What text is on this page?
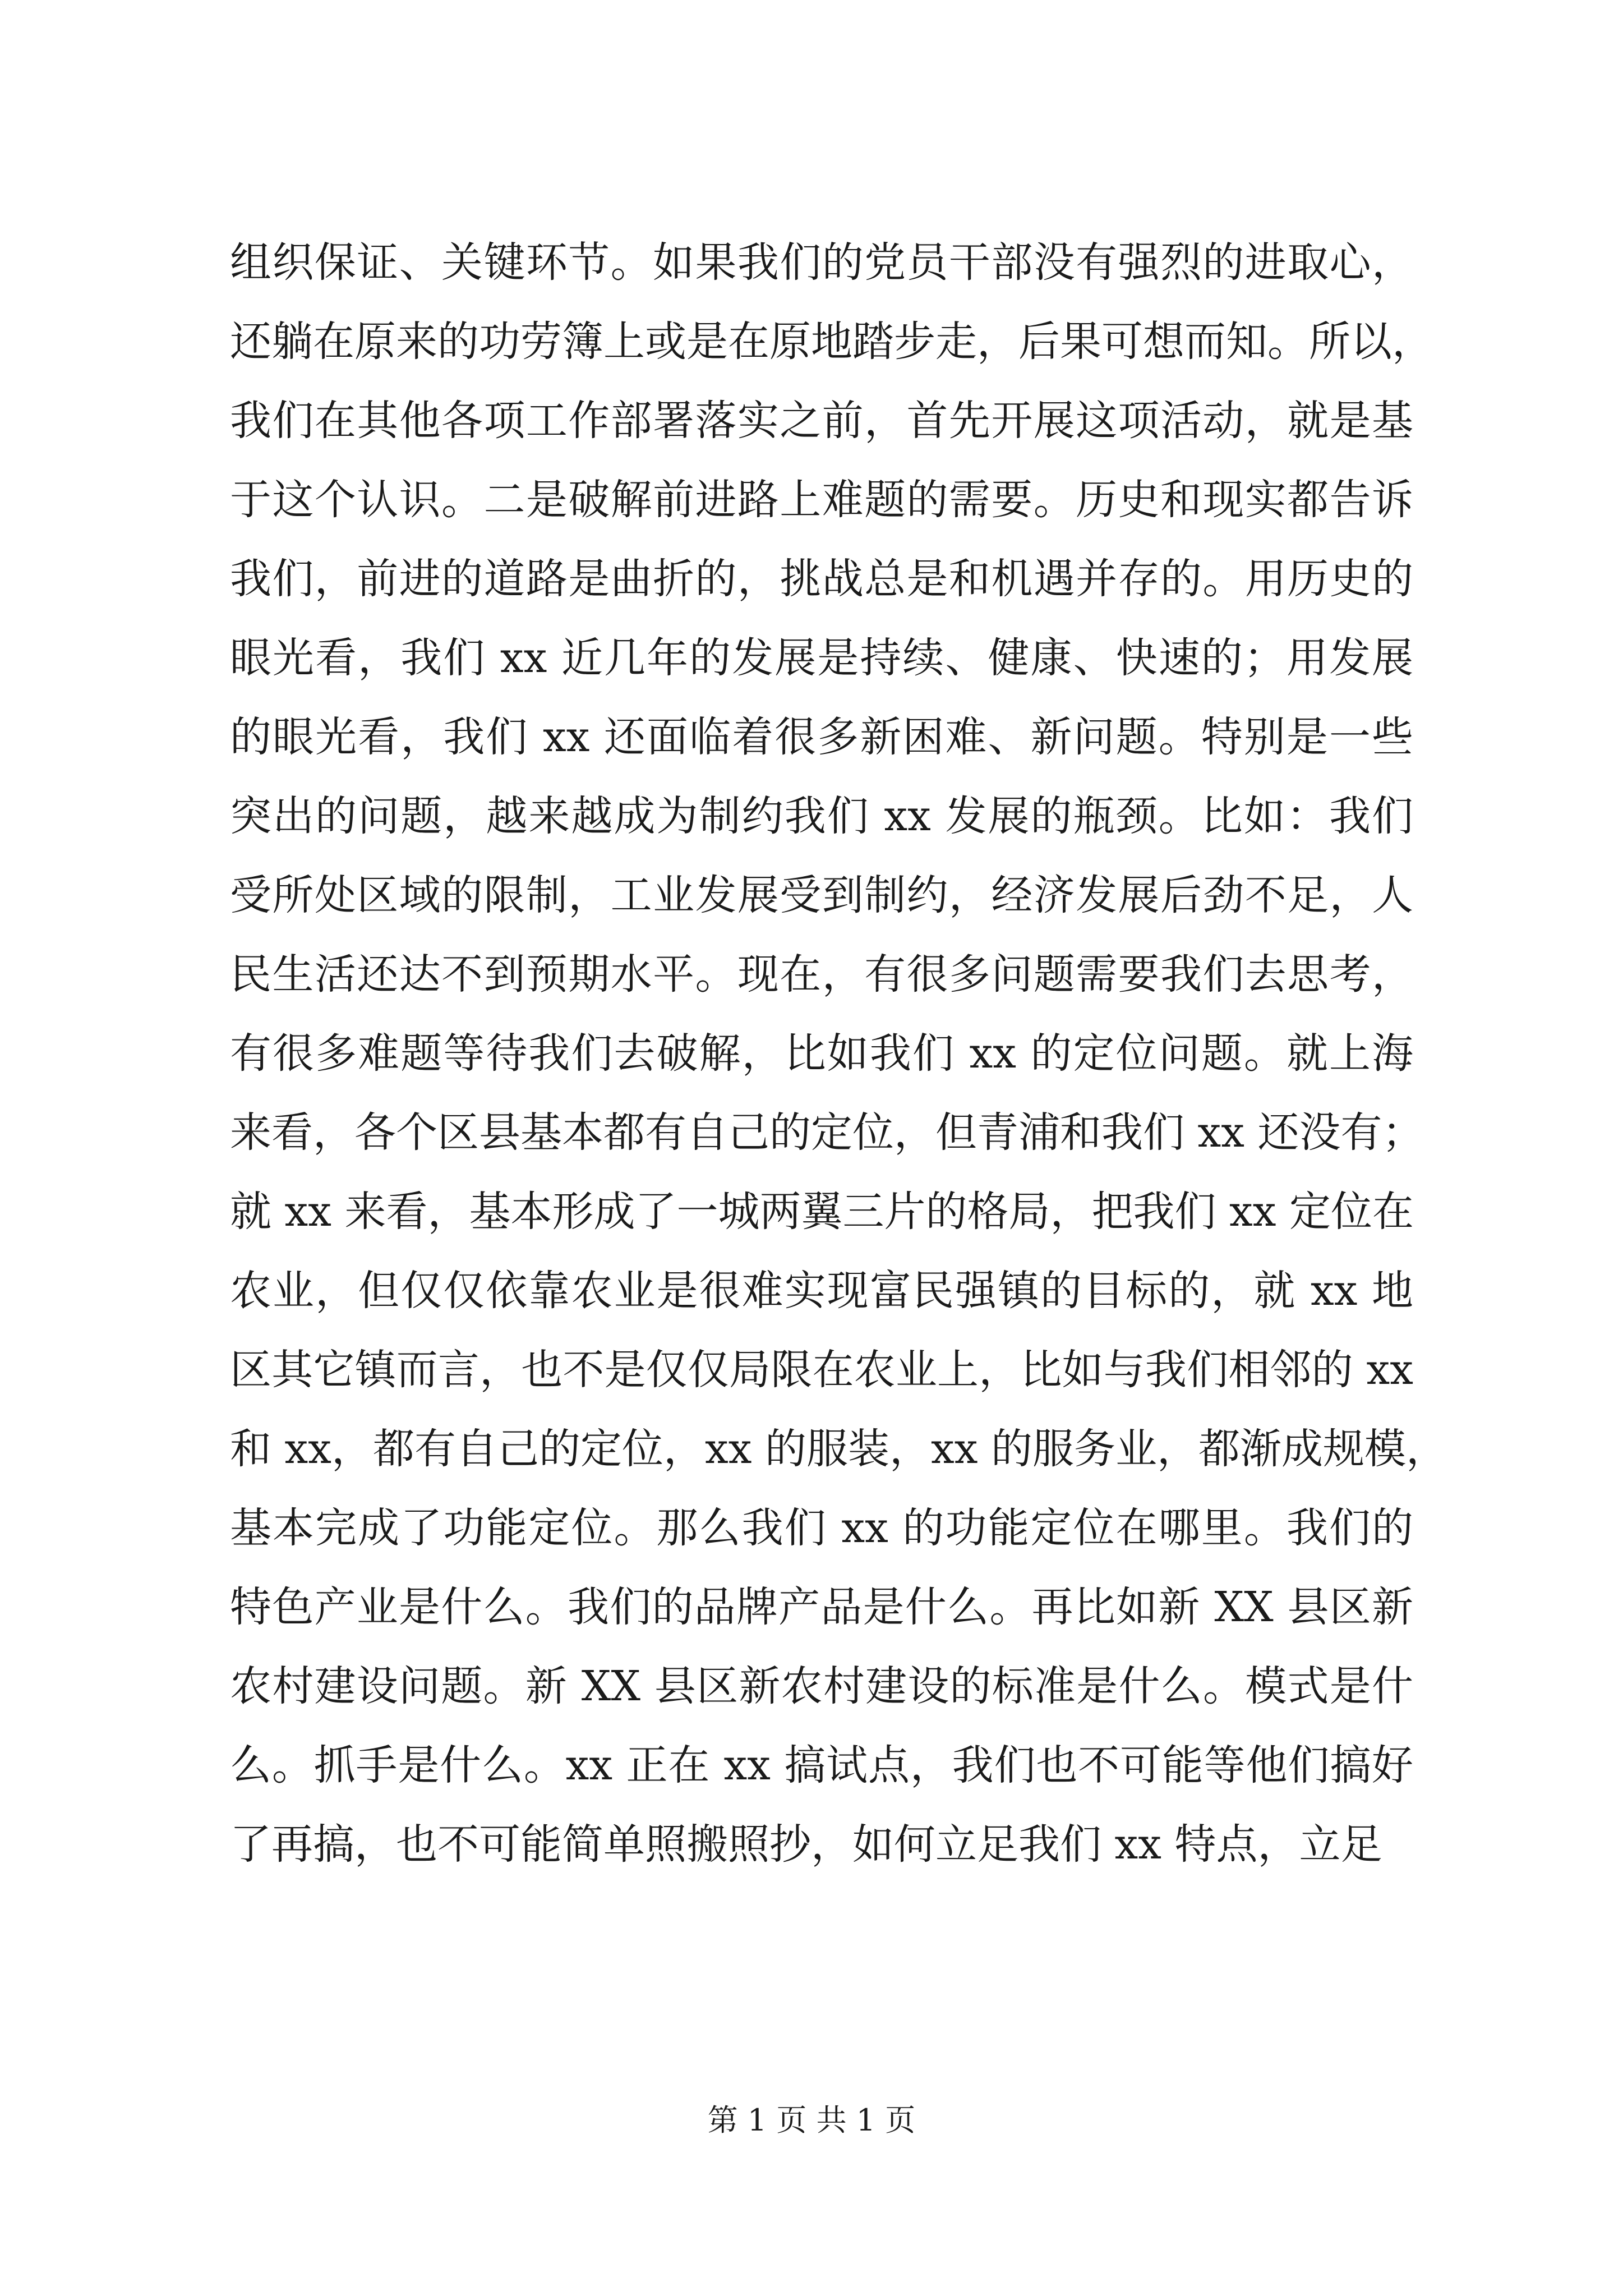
组织保证、关键环节。如果我们的党员干部没有强烈的进取心，
还躺在原来的功劳簿上或是在原地踏步走，后果可想而知。所以，
我们在其他各项工作部署落实之前，首先开展这项活动，就是基
于这个认识。二是破解前进路上难题的需要。历史和现实都告诉
我们，前进的道路是曲折的，挑战总是和机遇并存的。用历史的
眼光看，我们 xx 近几年的发展是持续、健康、快速的；用发展
的眼光看，我们 xx 还面临着很多新困难、新问题。特别是一些
突出的问题，越来越成为制约我们 xx 发展的瓶颈。比如：我们
受所处区域的限制，工业发展受到制约，经济发展后劲不足，人
民生活还达不到预期水平。现在，有很多问题需要我们去思考，
有很多难题等待我们去破解，比如我们 xx 的定位问题。就上海
来看，各个区县基本都有自己的定位，但青浦和我们 xx 还没有；
就 xx 来看，基本形成了一城两翼三片的格局，把我们 xx 定位在
农业，但仅仅依靠农业是很难实现富民强镇的目标的，就 xx 地
区其它镇而言，也不是仅仅局限在农业上，比如与我们相邻的 xx
和 xx，都有自己的定位，xx 的服装，xx 的服务业，都渐成规模，
基本完成了功能定位。那么我们 xx 的功能定位在哪里。我们的
特色产业是什么。我们的品牌产品是什么。再比如新 XX 县区新
农村建设问题。新 XX 县区新农村建设的标准是什么。模式是什
么。抓手是什么。xx 正在 xx 搞试点，我们也不可能等他们搞好
了再搞，也不可能简单照搬照抄，如何立足我们 xx 特点，立足
第 1 页 共 1 页
